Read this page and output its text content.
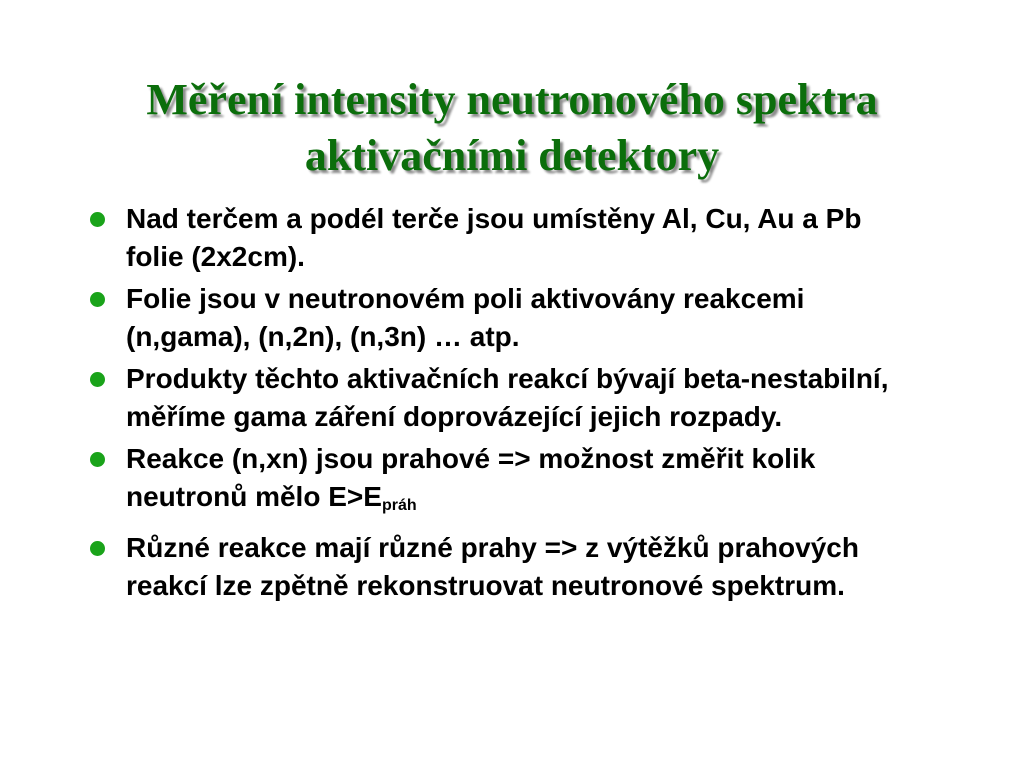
Měření intensity neutronového spektra
aktivačními detektory
Nad terčem a podél terče jsou umístěny Al, Cu, Au a Pb folie (2x2cm).
Folie jsou v neutronovém poli aktivovány reakcemi (n,gama), (n,2n), (n,3n) … atp.
Produkty těchto aktivačních reakcí bývají beta-nestabilní, měříme gama záření doprovázející jejich rozpady.
Reakce (n,xn) jsou prahové => možnost změřit kolik neutronů mělo $E>E_{práh}$
Různé reakce mají různé prahy => z výtěžků prahových reakcí lze zpětně rekonstruovat neutronové spektrum.
